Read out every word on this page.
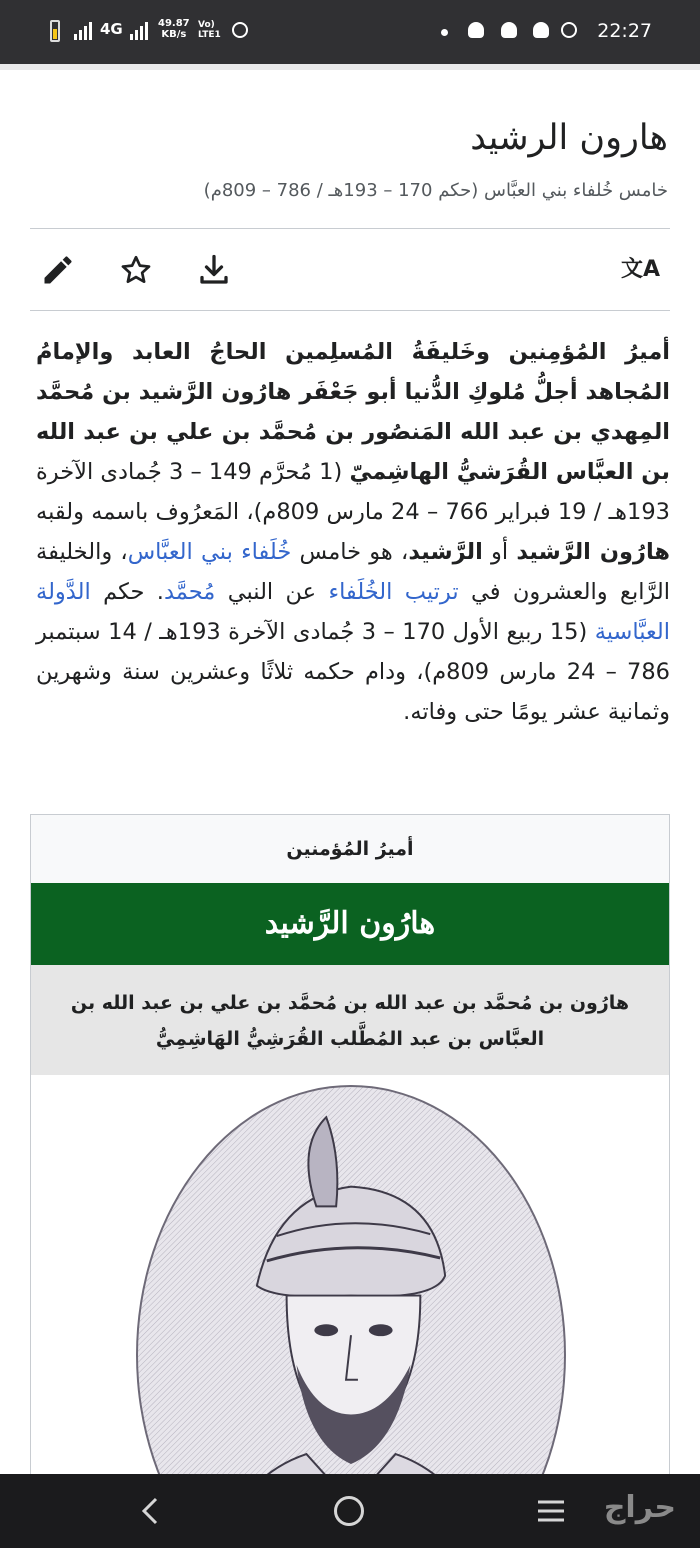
4G	49.87
KB/s
Vo) LTE1	22:27
هارون الرشيد
خامس خُلفاء بني العبَّاس (حكم 170 – 193هـ / 786 – 809م)
文A
أميرُ المُؤمِنين وخَليفَةُ المُسلِمين الحاجُ العابد والإمامُ المُجاهد أجلُّ مُلوكِ الدُّنيا أبو جَعْفَر هارُون الرَّشيد بن مُحمَّد المِهدي بن عبد الله المَنصُور بن مُحمَّد بن علي بن عبد الله بن العبَّاس القُرَشيُّ الهاشِميّ (1 مُحرَّم 149 – 3 جُمادى الآخرة 193هـ / 19 فبراير 766 – 24 مارس 809م)، المَعرُوف باسمه ولقبه هارُون الرَّشيد أو الرَّشيد، هو خامس خُلَفاء بني العبَّاس، والخليفة الرَّابع والعشرون في ترتيب الخُلَفاء عن النبي مُحمَّد. حكم الدَّولة العبَّاسية (15 ربيع الأول 170 – 3 جُمادى الآخرة 193هـ / 14 سبتمبر 786 – 24 مارس 809م)، ودام حكمه ثلاثًا وعشرين سنة وشهرين وثمانية عشر يومًا حتى وفاته.
أميرُ المُؤمنين
هارُون الرَّشيد
هارُون بن مُحمَّد بن عبد الله بن مُحمَّد بن علي بن عبد الله بن العبَّاس بن عبد المُطَّلب القُرَشِيُّ الهَاشِمِيُّ
حراج
